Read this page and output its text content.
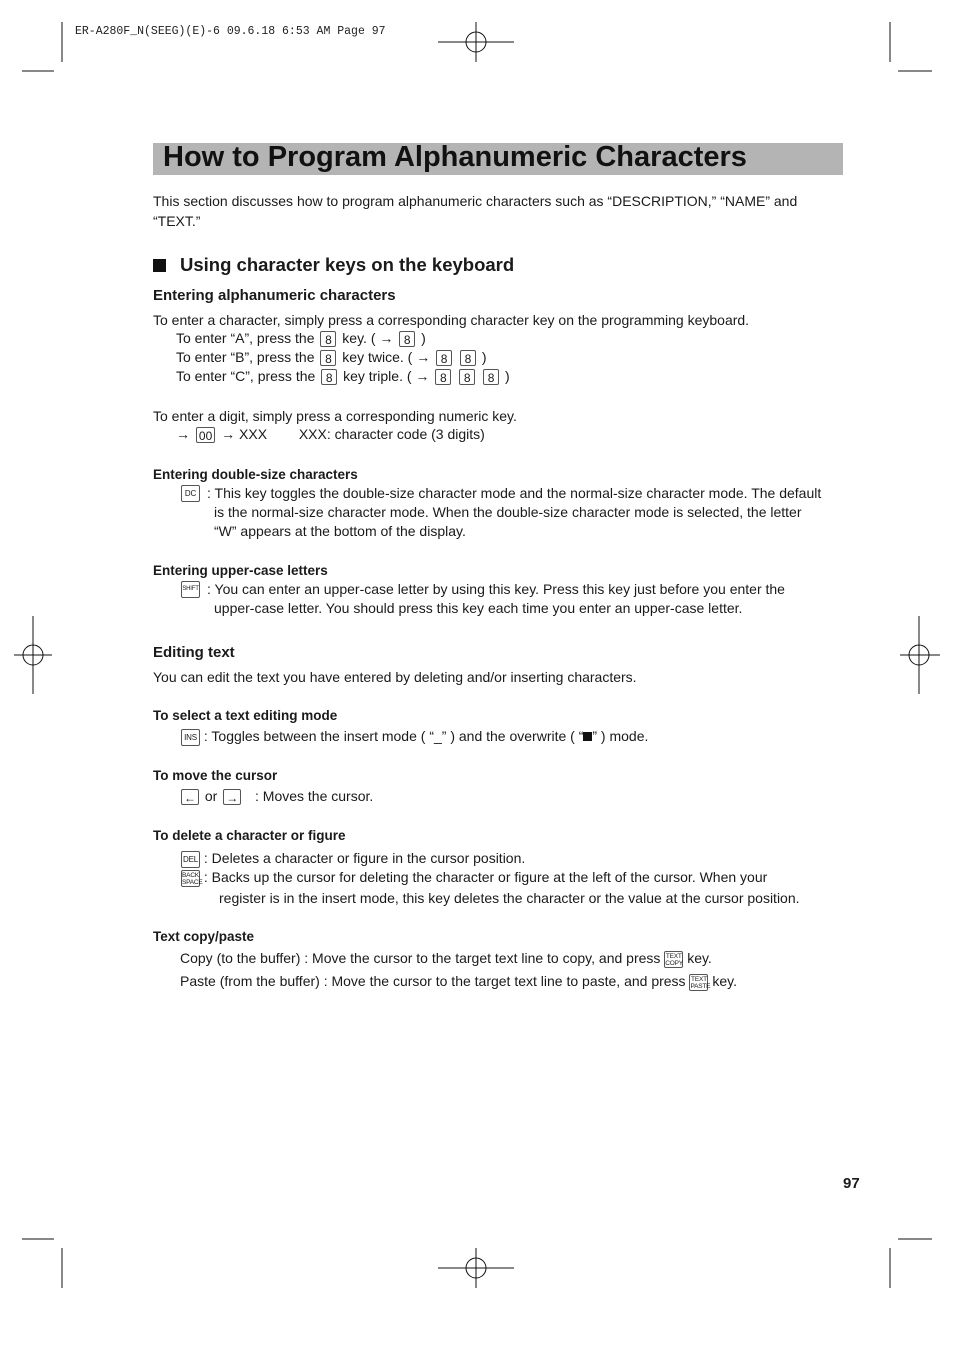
ER-A280F_N(SEEG)(E)-6 09.6.18 6:53 AM Page 97
How to Program Alphanumeric Characters
This section discusses how to program alphanumeric characters such as “DESCRIPTION,” “NAME” and
“TEXT.”
Using character keys on the keyboard
Entering alphanumeric characters
To enter a character, simply press a corresponding character key on the programming keyboard.
To enter “A”, press the 8 key. ( → 8 )
To enter “B”, press the 8 key twice. ( → 8 8 )
To enter “C”, press the 8 key triple. ( → 8 8 8 )
To enter a digit, simply press a corresponding numeric key.
→ 00 → XXX XXX: character code (3 digits)
Entering double-size characters
DC : This key toggles the double-size character mode and the normal-size character mode. The default
is the normal-size character mode. When the double-size character mode is selected, the letter
“W” appears at the bottom of the display.
Entering upper-case letters
SHIFT : You can enter an upper-case letter by using this key. Press this key just before you enter the
upper-case letter. You should press this key each time you enter an upper-case letter.
Editing text
You can edit the text you have entered by deleting and/or inserting characters.
To select a text editing mode
INS : Toggles between the insert mode ( “_” ) and the overwrite ( “ ” ) mode.
To move the cursor
← or → : Moves the cursor.
To delete a character or figure
DEL : Deletes a character or figure in the cursor position.
BACK
SPACE : Backs up the cursor for deleting the character or figure at the left of the cursor. When your
register is in the insert mode, this key deletes the character or the value at the cursor position.
Text copy/paste
Copy (to the buffer) : Move the cursor to the target text line to copy, and press TEXT
COPY key.
Paste (from the buffer) : Move the cursor to the target text line to paste, and press TEXT
PASTE key.
97
